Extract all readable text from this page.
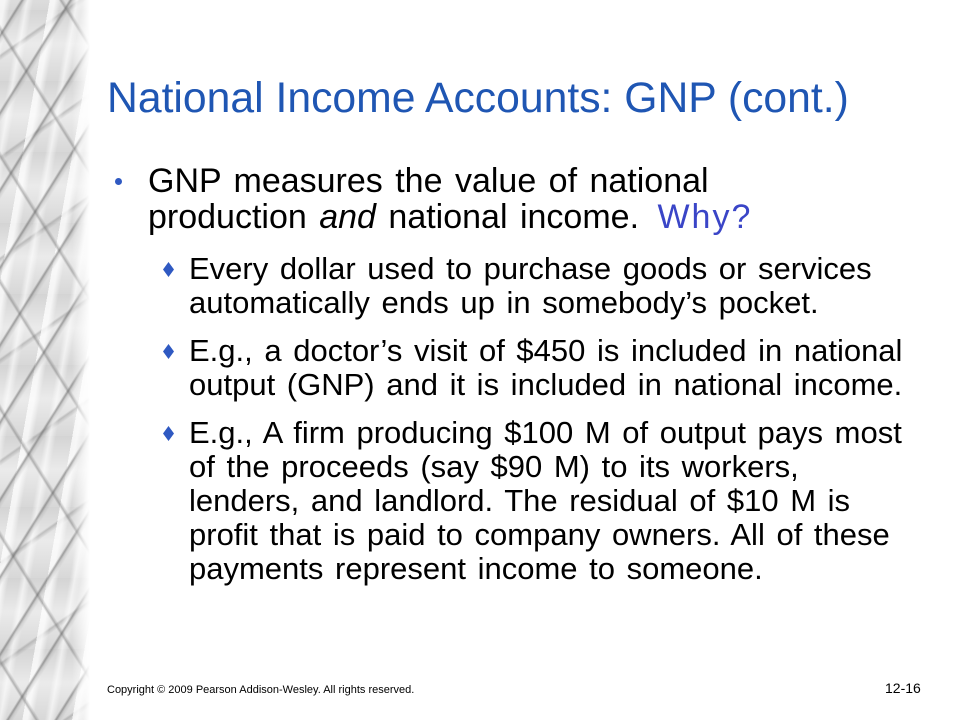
National Income Accounts: GNP (cont.)
GNP measures the value of national
production and national income. Why?
Every dollar used to purchase goods or services
automatically ends up in somebody’s pocket.
E.g., a doctor’s visit of $450 is included in national
output (GNP) and it is included in national income.
E.g., A firm producing $100 M of output pays most
of the proceeds (say $90 M) to its workers,
lenders, and landlord. The residual of $10 M is
profit that is paid to company owners. All of these
payments represent income to someone.
Copyright © 2009 Pearson Addison-Wesley. All rights reserved.	12-16
